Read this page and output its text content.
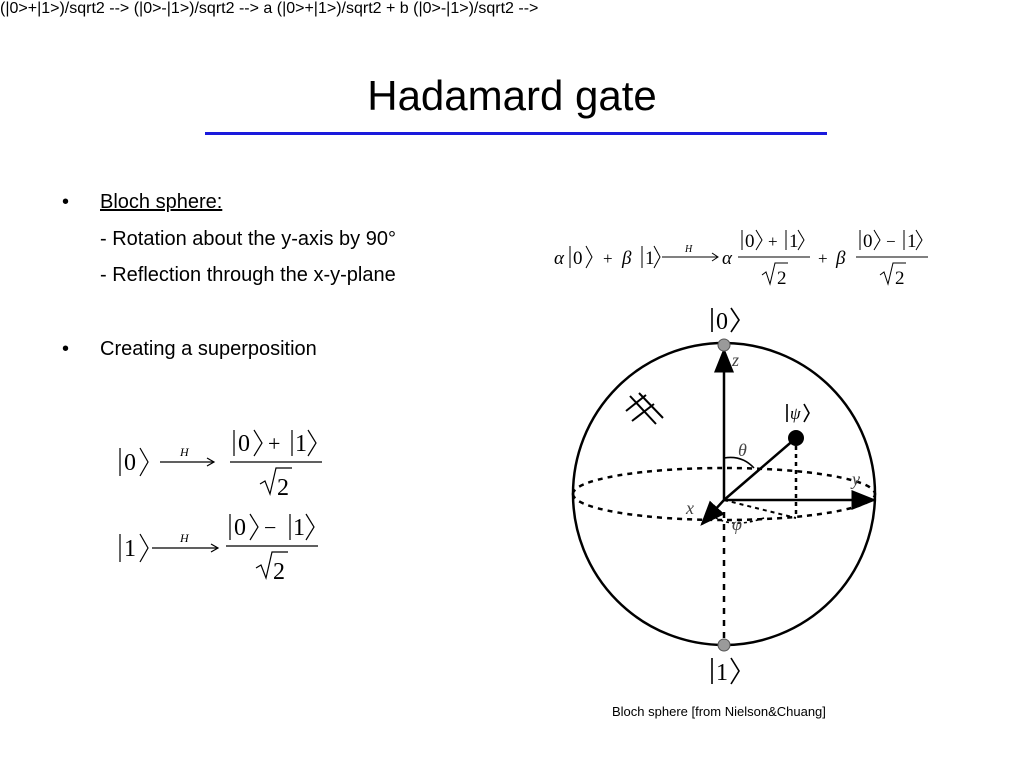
Hadamard gate
• Bloch sphere:
- Rotation about the y-axis by 90°
- Reflection through the x-y-plane
• Creating a superposition
(|0>+|1>)/sqrt2 -->
0	H 0 + 1
2
(|0>-|1>)/sqrt2 -->
1	H 0 − 1
2
a (|0>+|1>)/sqrt2 + b (|0>-|1>)/sqrt2 -->
α 0 + β 1	H α
0 + 1
2
+ β
0 − 1
2
0
1
ψ
z
y
x
θ
φ
Bloch sphere [from Nielson&Chuang]
